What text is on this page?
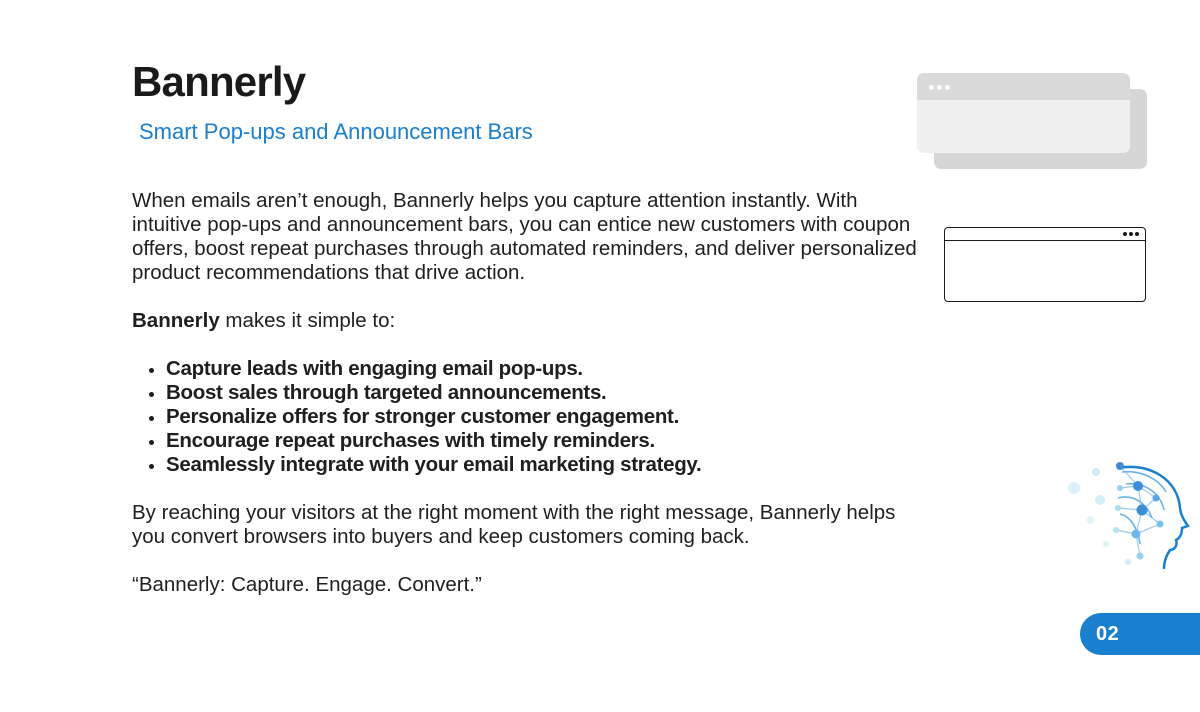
Bannerly
Smart Pop-ups and Announcement Bars

When emails aren’t enough, Bannerly helps you capture attention instantly. With intuitive pop-ups and announcement bars, you can entice new customers with coupon offers, boost repeat purchases through automated reminders, and deliver personalized product recommendations that drive action.

Bannerly makes it simple to:

• Capture leads with engaging email pop-ups.
• Boost sales through targeted announcements.
• Personalize offers for stronger customer engagement.
• Encourage repeat purchases with timely reminders.
• Seamlessly integrate with your email marketing strategy.

By reaching your visitors at the right moment with the right message, Bannerly helps you convert browsers into buyers and keep customers coming back.

“Bannerly: Capture. Engage. Convert.”

02
